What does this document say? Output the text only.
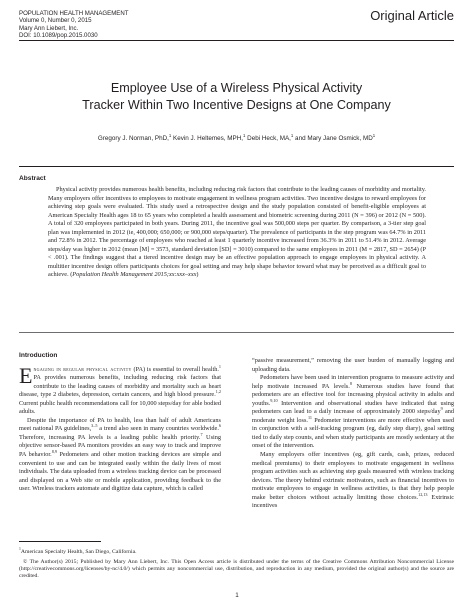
POPULATION HEALTH MANAGEMENT
Volume 0, Number 0, 2015
Mary Ann Liebert, Inc.
DOI: 10.1089/pop.2015.0030
Original Article
Employee Use of a Wireless Physical Activity
Tracker Within Two Incentive Designs at One Company
Gregory J. Norman, PhD,$^1$ Kevin J. Heltemes, MPH,$^1$ Debi Heck, MA,$^1$ and Mary Jane Osmick, $MD^1$
Abstract
Physical activity provides numerous health benefits, including reducing risk factors that contribute to the leading causes of morbidity and mortality. Many employers offer incentives to employees to motivate engagement in wellness program activities. Two incentive designs to reward employees for achieving step goals were evaluated. This study used a retrospective design and the study population consisted of benefit-eligible employees at American Specialty Health ages 18 to 65 years who completed a health assessment and biometric screening during 2011 (N = 396) or 2012 (N = 500). A total of 320 employees participated in both years. During 2011, the incentive goal was 500,000 steps per quarter. By comparison, a 3-tier step goal plan was implemented in 2012 (ie, 400,000; 650,000; or 900,000 steps/quarter). The prevalence of participants in the step program was 64.7% in 2011 and 72.8% in 2012. The percentage of employees who reached at least 1 quarterly incentive increased from 36.3% in 2011 to 51.4% in 2012. Average steps/day was higher in 2012 (mean [M] = 3573, standard deviation [SD] = 3010) compared to the same employees in 2011 (M = 2817, SD = 2654) (P < .001). The findings suggest that a tiered incentive design may be an effective population approach to engage employees in physical activity. A multitier incentive design offers participants choices for goal setting and may help shape behavior toward what may be perceived as a difficult goal to achieve. (Population Health Management 2015;xx:xxx–xxx)
Introduction

Engaging in regular physical activity (PA) is essential to overall health.$^1$ PA provides numerous benefits, including reducing risk factors that contribute to the leading causes of morbidity and mortality such as heart disease, type 2 diabetes, depression, certain cancers, and high blood pressure.$^{1,2}$ Current public health recommendations call for 10,000 steps/day for able bodied adults.

Despite the importance of PA to health, less than half of adult Americans meet national PA guidelines,$^{3-5}$ a trend also seen in many countries worldwide.$^6$ Therefore, increasing PA levels is a leading public health priority.$^7$ Using objective sensor-based PA monitors provides an easy way to track and improve PA behavior.$^{8,9}$ Pedometers and other motion tracking devices are simple and convenient to use and can be integrated easily within the daily lives of most individuals. The data uploaded from a wireless tracking device can be processed and displayed on a Web site or mobile application, providing feedback to the user. Wireless trackers automate and digitize data capture, which is called

“passive measurement,” removing the user burden of manually logging and uploading data.

Pedometers have been used in intervention programs to measure activity and help motivate increased PA levels.$^8$ Numerous studies have found that pedometers are an effective tool for increasing physical activity in adults and youths.$^{9,10}$ Intervention and observational studies have indicated that using pedometers can lead to a daily increase of approximately 2000 steps/day$^9$ and moderate weight loss.$^{11}$ Pedometer interventions are more effective when used in conjunction with a self-tracking program (eg, daily step diary), goal setting tied to daily step counts, and when study participants are mostly sedentary at the onset of the intervention.

Many employers offer incentives (eg, gift cards, cash, prizes, reduced medical premiums) to their employees to motivate engagement in wellness program activities such as achieving step goals measured with wireless tracking devices. The theory behind extrinsic motivators, such as financial incentives to motivate employees to engage in wellness activities, is that they help people make better choices without actually limiting those choices.$^{12,13}$ Extrinsic incentives

$^1$American Specialty Health, San Diego, California.
© The Author(s) 2015; Published by Mary Ann Liebert, Inc. This Open Access article is distributed under the terms of the Creative Commons Attribution Noncommercial License (http://creativecommons.org/licenses/by-nc/4.0/) which permits any noncommercial use, distribution, and reproduction in any medium, provided the original author(s) and the source are credited.
1
